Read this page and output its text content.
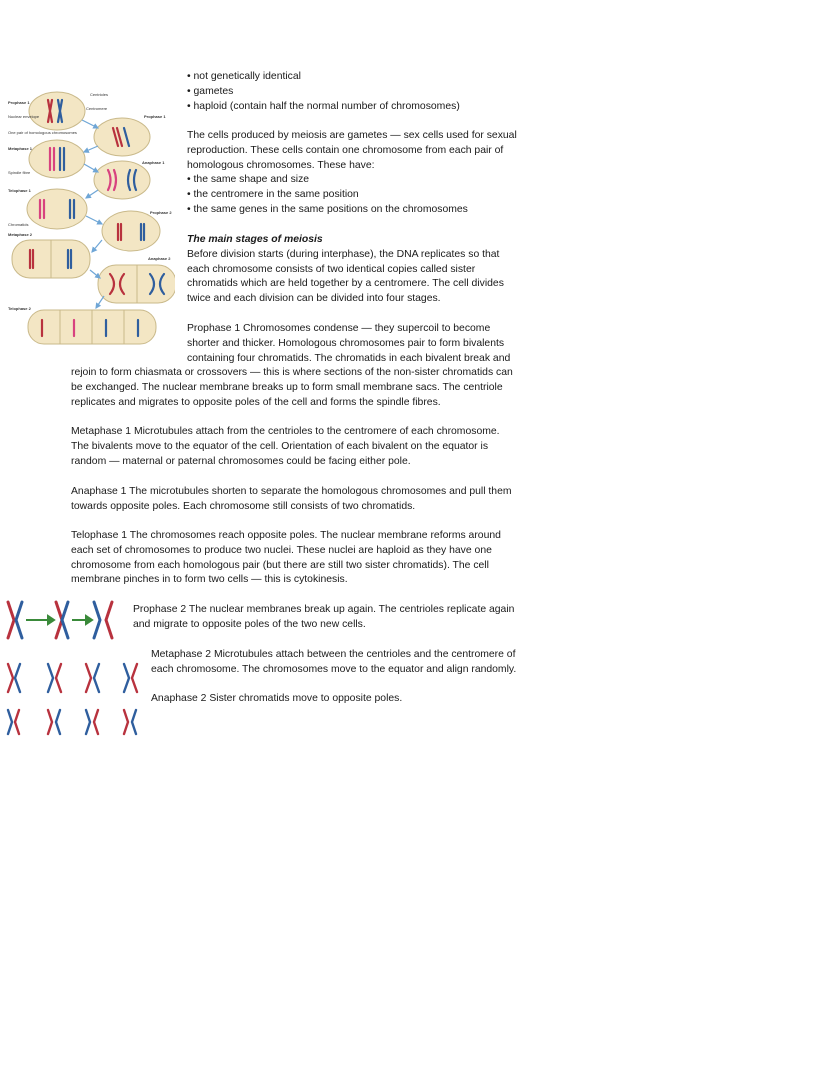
Prophase 1
Centrioles
Centromere
Prophase 1
Nuclear envelope
One pair of homologous chromosomes
Metaphase 1
Anaphase 1
Spindle fibre
Telophase 1
Prophase 2
Chromatids
Metaphase 2
Anaphase 2
Telophase 2
• not genetically identical
• gametes
• haploid (contain half the normal number of chromosomes)
The cells produced by meiosis are gametes — sex cells used for sexual
reproduction. These cells contain one chromosome from each pair of
homologous chromosomes. These have:
• the same shape and size
• the centromere in the same position
• the same genes in the same positions on the chromosomes
The main stages of meiosis
Before division starts (during interphase), the DNA replicates so that
each chromosome consists of two identical copies called sister
chromatids which are held together by a centromere. The cell divides
twice and each division can be divided into four stages.
Prophase 1 Chromosomes condense — they supercoil to become
shorter and thicker. Homologous chromosomes pair to form bivalents
containing four chromatids. The chromatids in each bivalent break and
rejoin to form chiasmata or crossovers — this is where sections of the non-sister chromatids can
be exchanged. The nuclear membrane breaks up to form small membrane sacs. The centriole
replicates and migrates to opposite poles of the cell and forms the spindle fibres.
Metaphase 1 Microtubules attach from the centrioles to the centromere of each chromosome.
The bivalents move to the equator of the cell. Orientation of each bivalent on the equator is
random — maternal or paternal chromosomes could be facing either pole.
Anaphase 1 The microtubules shorten to separate the homologous chromosomes and pull them
towards opposite poles. Each chromosome still consists of two chromatids.
Telophase 1 The chromosomes reach opposite poles. The nuclear membrane reforms around
each set of chromosomes to produce two nuclei. These nuclei are haploid as they have one
chromosome from each homologous pair (but there are still two sister chromatids). The cell
membrane pinches in to form two cells — this is cytokinesis.
Prophase 2 The nuclear membranes break up again. The centrioles replicate again
and migrate to opposite poles of the two new cells.
Metaphase 2 Microtubules attach between the centrioles and the centromere of
each chromosome. The chromosomes move to the equator and align randomly.
Anaphase 2 Sister chromatids move to opposite poles.
